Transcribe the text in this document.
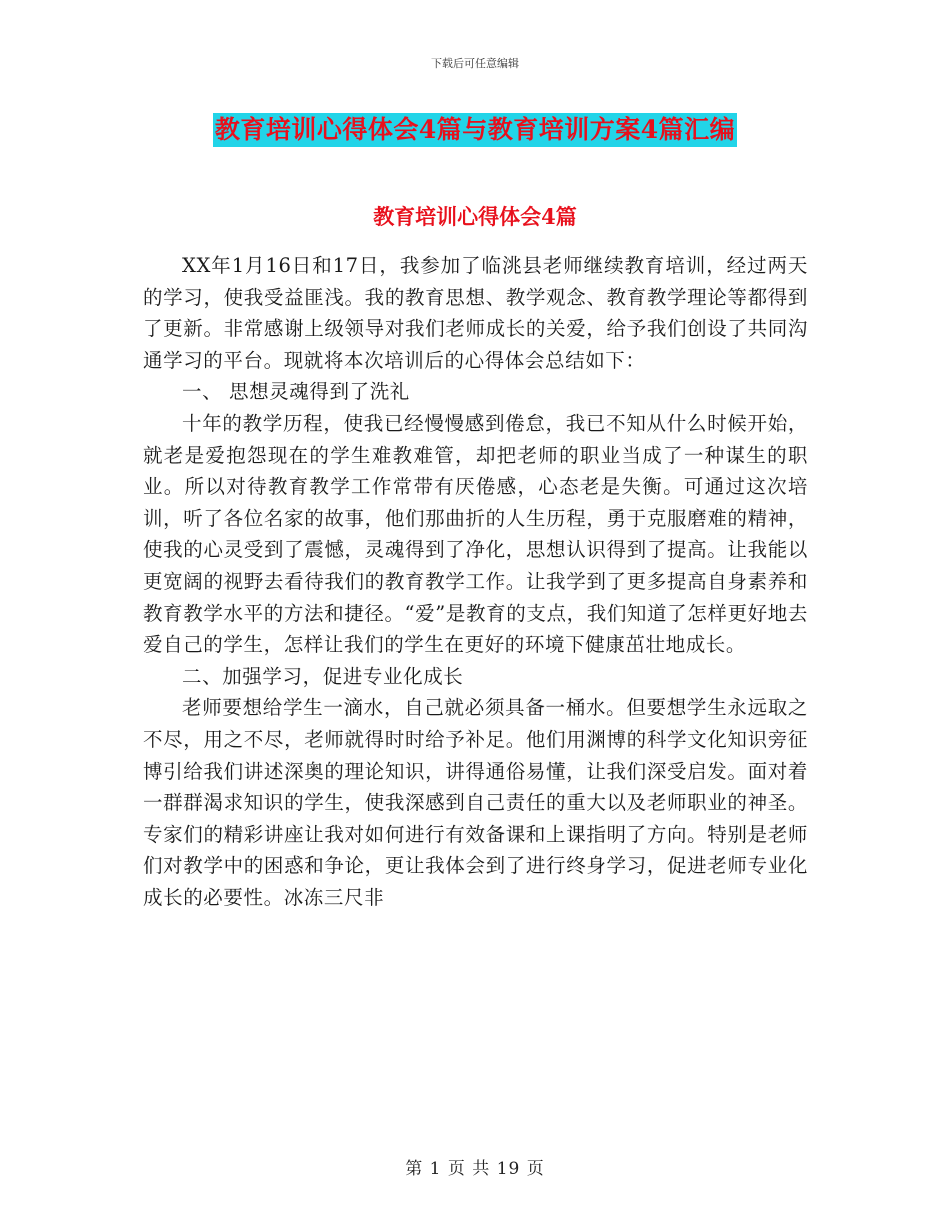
下载后可任意编辑
教育培训心得体会4篇与教育培训方案4篇汇编
教育培训心得体会4篇

XX年1月16日和17日，我参加了临洮县老师继续教育培训，经过两天的学习，使我受益匪浅。我的教育思想、教学观念、教育教学理论等都得到了更新。非常感谢上级领导对我们老师成长的关爱，给予我们创设了共同沟通学习的平台。现就将本次培训后的心得体会总结如下：

一、 思想灵魂得到了洗礼

十年的教学历程，使我已经慢慢感到倦怠，我已不知从什么时候开始，就老是爱抱怨现在的学生难教难管，却把老师的职业当成了一种谋生的职业。所以对待教育教学工作常带有厌倦感，心态老是失衡。可通过这次培训，听了各位名家的故事，他们那曲折的人生历程，勇于克服磨难的精神，使我的心灵受到了震憾，灵魂得到了净化，思想认识得到了提高。让我能以更宽阔的视野去看待我们的教育教学工作。让我学到了更多提高自身素养和教育教学水平的方法和捷径。“爱”是教育的支点，我们知道了怎样更好地去爱自己的学生，怎样让我们的学生在更好的环境下健康茁壮地成长。

二、加强学习，促进专业化成长

老师要想给学生一滴水，自己就必须具备一桶水。但要想学生永远取之不尽，用之不尽，老师就得时时给予补足。他们用渊博的科学文化知识旁征博引给我们讲述深奥的理论知识，讲得通俗易懂，让我们深受启发。面对着一群群渴求知识的学生，使我深感到自己责任的重大以及老师职业的神圣。专家们的精彩讲座让我对如何进行有效备课和上课指明了方向。特别是老师们对教学中的困惑和争论，更让我体会到了进行终身学习，促进老师专业化成长的必要性。冰冻三尺非

第 1 页 共 19 页
